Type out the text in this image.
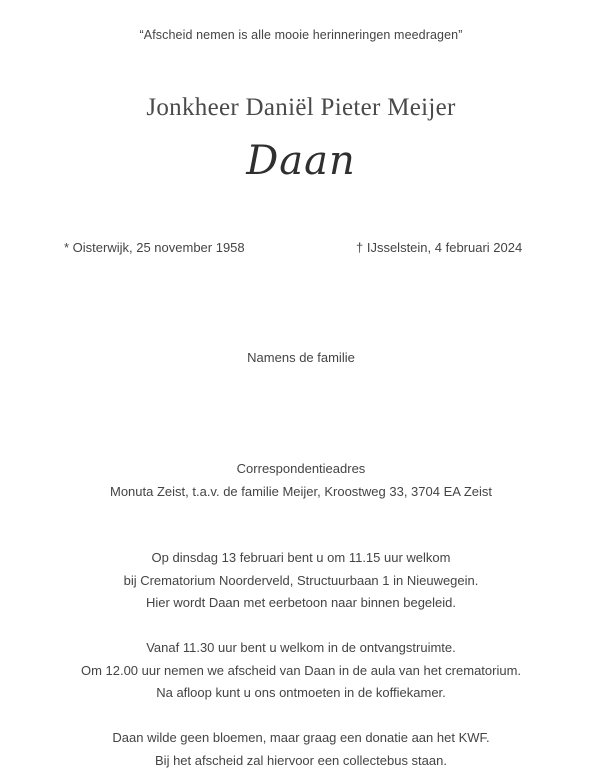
“Afscheid nemen is alle mooie herinneringen meedragen”
Jonkheer Daniël Pieter Meijer
Daan
* Oisterwijk, 25 november 1958	† IJsselstein, 4 februari 2024
Namens de familie
Correspondentieadres
Monuta Zeist, t.a.v. de familie Meijer, Kroostweg 33, 3704 EA Zeist
Op dinsdag 13 februari bent u om 11.15 uur welkom
bij Crematorium Noorderveld, Structuurbaan 1 in Nieuwegein.
Hier wordt Daan met eerbetoon naar binnen begeleid.
Vanaf 11.30 uur bent u welkom in de ontvangstruimte.
Om 12.00 uur nemen we afscheid van Daan in de aula van het crematorium.
Na afloop kunt u ons ontmoeten in de koffiekamer.
Daan wilde geen bloemen, maar graag een donatie aan het KWF.
Bij het afscheid zal hiervoor een collectebus staan.
